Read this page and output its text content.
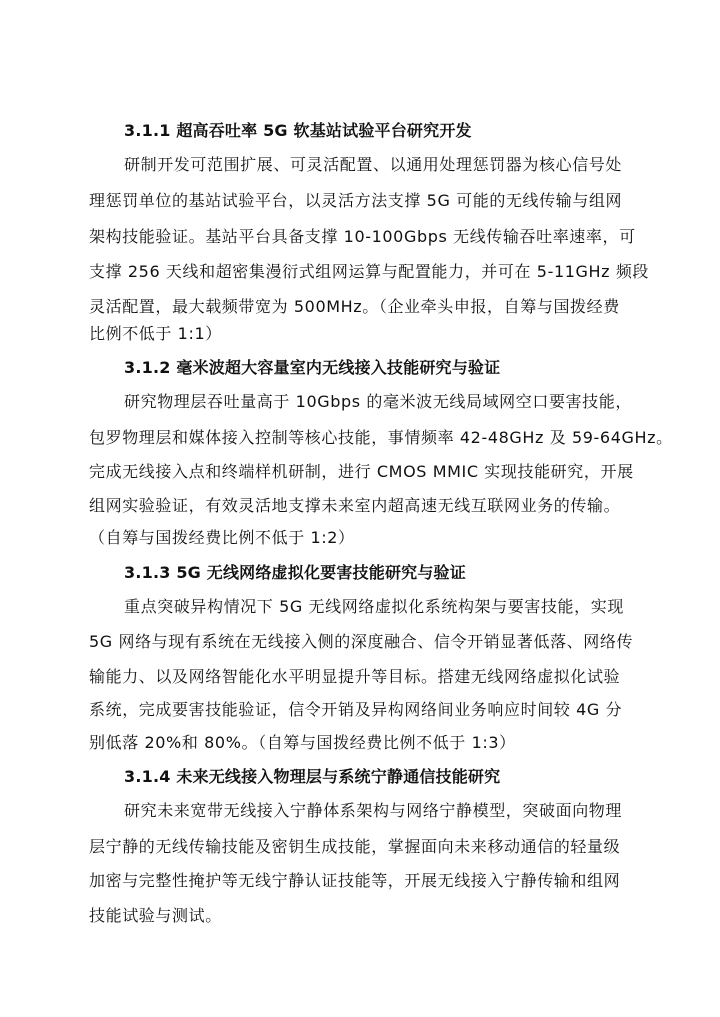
3.1.1 超高吞吐率 5G 软基站试验平台研究开发
研制开发可范围扩展、可灵活配置、以通用处理惩罚器为核心信号处
理惩罚单位的基站试验平台，以灵活方法支撑 5G 可能的无线传输与组网
架构技能验证。基站平台具备支撑 10-100Gbps 无线传输吞吐率速率，可
支撑 256 天线和超密集漫衍式组网运算与配置能力，并可在 5-11GHz 频段
灵活配置，最大载频带宽为 500MHz。（企业牵头申报，自筹与国拨经费
比例不低于 1:1）
3.1.2 毫米波超大容量室内无线接入技能研究与验证
研究物理层吞吐量高于 10Gbps 的毫米波无线局域网空口要害技能，
包罗物理层和媒体接入控制等核心技能，事情频率 42-48GHz 及 59-64GHz。
完成无线接入点和终端样机研制，进行 CMOS MMIC 实现技能研究，开展
组网实验验证，有效灵活地支撑未来室内超高速无线互联网业务的传输。
（自筹与国拨经费比例不低于 1:2）
3.1.3 5G 无线网络虚拟化要害技能研究与验证
重点突破异构情况下 5G 无线网络虚拟化系统构架与要害技能，实现
5G 网络与现有系统在无线接入侧的深度融合、信令开销显著低落、网络传
输能力、以及网络智能化水平明显提升等目标。搭建无线网络虚拟化试验
系统，完成要害技能验证，信令开销及异构网络间业务响应时间较 4G 分
别低落 20%和 80%。（自筹与国拨经费比例不低于 1:3）
3.1.4 未来无线接入物理层与系统宁静通信技能研究
研究未来宽带无线接入宁静体系架构与网络宁静模型，突破面向物理
层宁静的无线传输技能及密钥生成技能，掌握面向未来移动通信的轻量级
加密与完整性掩护等无线宁静认证技能等，开展无线接入宁静传输和组网
技能试验与测试。
